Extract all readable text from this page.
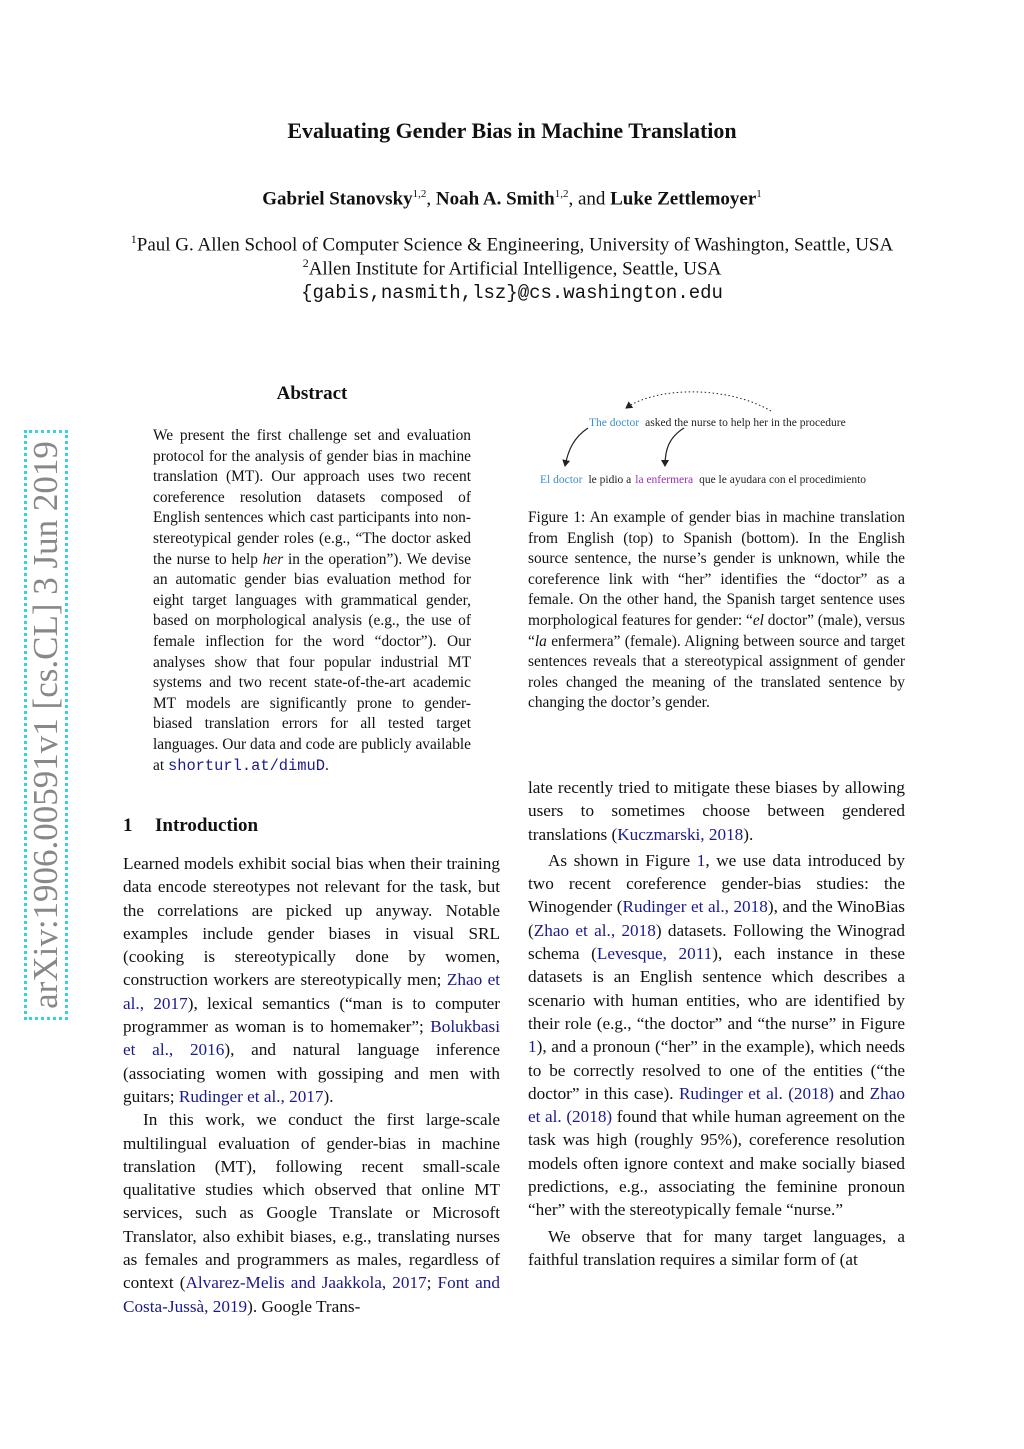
arXiv:1906.00591v1 [cs.CL] 3 Jun 2019
Evaluating Gender Bias in Machine Translation
Gabriel Stanovsky$^{1,2}$, Noah A. Smith$^{1,2}$, and Luke Zettlemoyer$^1$
$^1$Paul G. Allen School of Computer Science & Engineering, University of Washington, Seattle, USA
$^2$Allen Institute for Artificial Intelligence, Seattle, USA
{gabis,nasmith,lsz}@cs.washington.edu
Abstract
We present the first challenge set and evaluation protocol for the analysis of gender bias in machine translation (MT). Our approach uses two recent coreference resolution datasets composed of English sentences which cast participants into non-stereotypical gender roles (e.g., “The doctor asked the nurse to help her in the operation”). We devise an automatic gender bias evaluation method for eight target languages with grammatical gender, based on morphological analysis (e.g., the use of female inflection for the word “doctor”). Our analyses show that four popular industrial MT systems and two recent state-of-the-art academic MT models are significantly prone to gender-biased translation errors for all tested target languages. Our data and code are publicly available at shorturl.at/dimuD.
The doctor asked the nurse to help her in the procedure
El doctor le pidio a la enfermera que le ayudara con el procedimiento
Figure 1: An example of gender bias in machine translation from English (top) to Spanish (bottom). In the English source sentence, the nurse’s gender is unknown, while the coreference link with “her” identifies the “doctor” as a female. On the other hand, the Spanish target sentence uses morphological features for gender: “el doctor” (male), versus “la enfermera” (female). Aligning between source and target sentences reveals that a stereotypical assignment of gender roles changed the meaning of the translated sentence by changing the doctor’s gender.
1 Introduction

Learned models exhibit social bias when their training data encode stereotypes not relevant for the task, but the correlations are picked up anyway. Notable examples include gender biases in visual SRL (cooking is stereotypically done by women, construction workers are stereotypically men; Zhao et al., 2017), lexical semantics (“man is to computer programmer as woman is to homemaker”; Bolukbasi et al., 2016), and natural language inference (associating women with gossiping and men with guitars; Rudinger et al., 2017).

In this work, we conduct the first large-scale multilingual evaluation of gender-bias in machine translation (MT), following recent small-scale qualitative studies which observed that online MT services, such as Google Translate or Microsoft Translator, also exhibit biases, e.g., translating nurses as females and programmers as males, regardless of context (Alvarez-Melis and Jaakkola, 2017; Font and Costa-Jussà, 2019). Google Trans-

late recently tried to mitigate these biases by allowing users to sometimes choose between gendered translations (Kuczmarski, 2018).

As shown in Figure 1, we use data introduced by two recent coreference gender-bias studies: the Winogender (Rudinger et al., 2018), and the WinoBias (Zhao et al., 2018) datasets. Following the Winograd schema (Levesque, 2011), each instance in these datasets is an English sentence which describes a scenario with human entities, who are identified by their role (e.g., “the doctor” and “the nurse” in Figure 1), and a pronoun (“her” in the example), which needs to be correctly resolved to one of the entities (“the doctor” in this case). Rudinger et al. (2018) and Zhao et al. (2018) found that while human agreement on the task was high (roughly 95%), coreference resolution models often ignore context and make socially biased predictions, e.g., associating the feminine pronoun “her” with the stereotypically female “nurse.”

We observe that for many target languages, a faithful translation requires a similar form of (at
